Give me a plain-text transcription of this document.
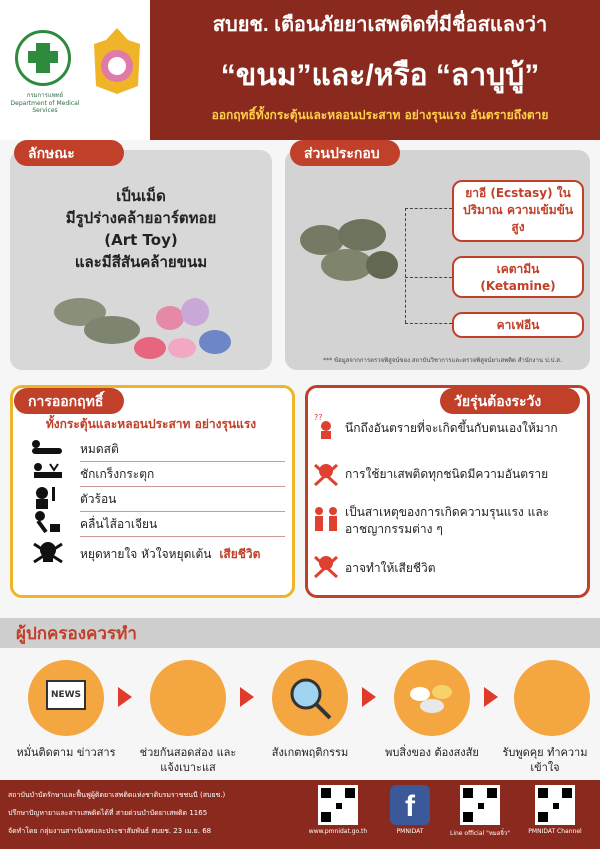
กรมการแพทย์ Department of Medical Services
สบยช. เตือนภัยยาเสพติดที่มีชื่อสแลงว่า
“ขนม”และ/หรือ “ลาบูบู้”
ออกฤทธิ์ทั้งกระตุ้นและหลอนประสาท อย่างรุนแรง อันตรายถึงตาย
ลักษณะ
เป็นเม็ด
มีรูปร่างคล้ายอาร์ตทอย
(Art Toy)
และมีสีสันคล้ายขนม
ส่วนประกอบ
ยาอี (Ecstasy) ในปริมาณ ความเข้มข้นสูง
เคตามีน (Ketamine)
คาเฟอีน
*** ข้อมูลจากการตรวจพิสูจน์ของ สถาบันวิชาการและตรวจพิสูจน์ยาเสพติด สำนักงาน ป.ป.ส.
การออกฤทธิ์
ทั้งกระตุ้นและหลอนประสาท อย่างรุนแรง
หมดสติ
ชักเกร็งกระตุก
ตัวร้อน
คลื่นไส้อาเจียน
หยุดหายใจ หัวใจหยุดเต้น เสียชีวิต
วัยรุ่นต้องระวัง
??
นึกถึงอันตรายที่จะเกิดขึ้นกับตนเองให้มาก
การใช้ยาเสพติดทุกชนิดมีความอันตราย
เป็นสาเหตุของการเกิดความรุนแรง และอาชญากรรมต่าง ๆ
อาจทำให้เสียชีวิต
ผู้ปกครองควรทำ
NEWS
หมั่นติดตาม ข่าวสาร	ช่วยกันสอดส่อง และแจ้งเบาะแส
สังเกตพฤติกรรม	พบสิ่งของ ต้องสงสัย	รับพูดคุย ทำความเข้าใจ
สถาบันบำบัดรักษาและฟื้นฟูผู้ติดยาเสพติดแห่งชาติบรมราชชนนี (สบยช.)
ปรึกษาปัญหายาและสารเสพติดได้ที่ สายด่วนบำบัดยาเสพติด 1165
จัดทำโดย กลุ่มงานสารนิเทศและประชาสัมพันธ์ สบยช. 23 เม.ย. 68
f
www.pmnidat.go.th	PMNIDAT	Line official "หมอจิ๋ว"	PMNIDAT Channel
